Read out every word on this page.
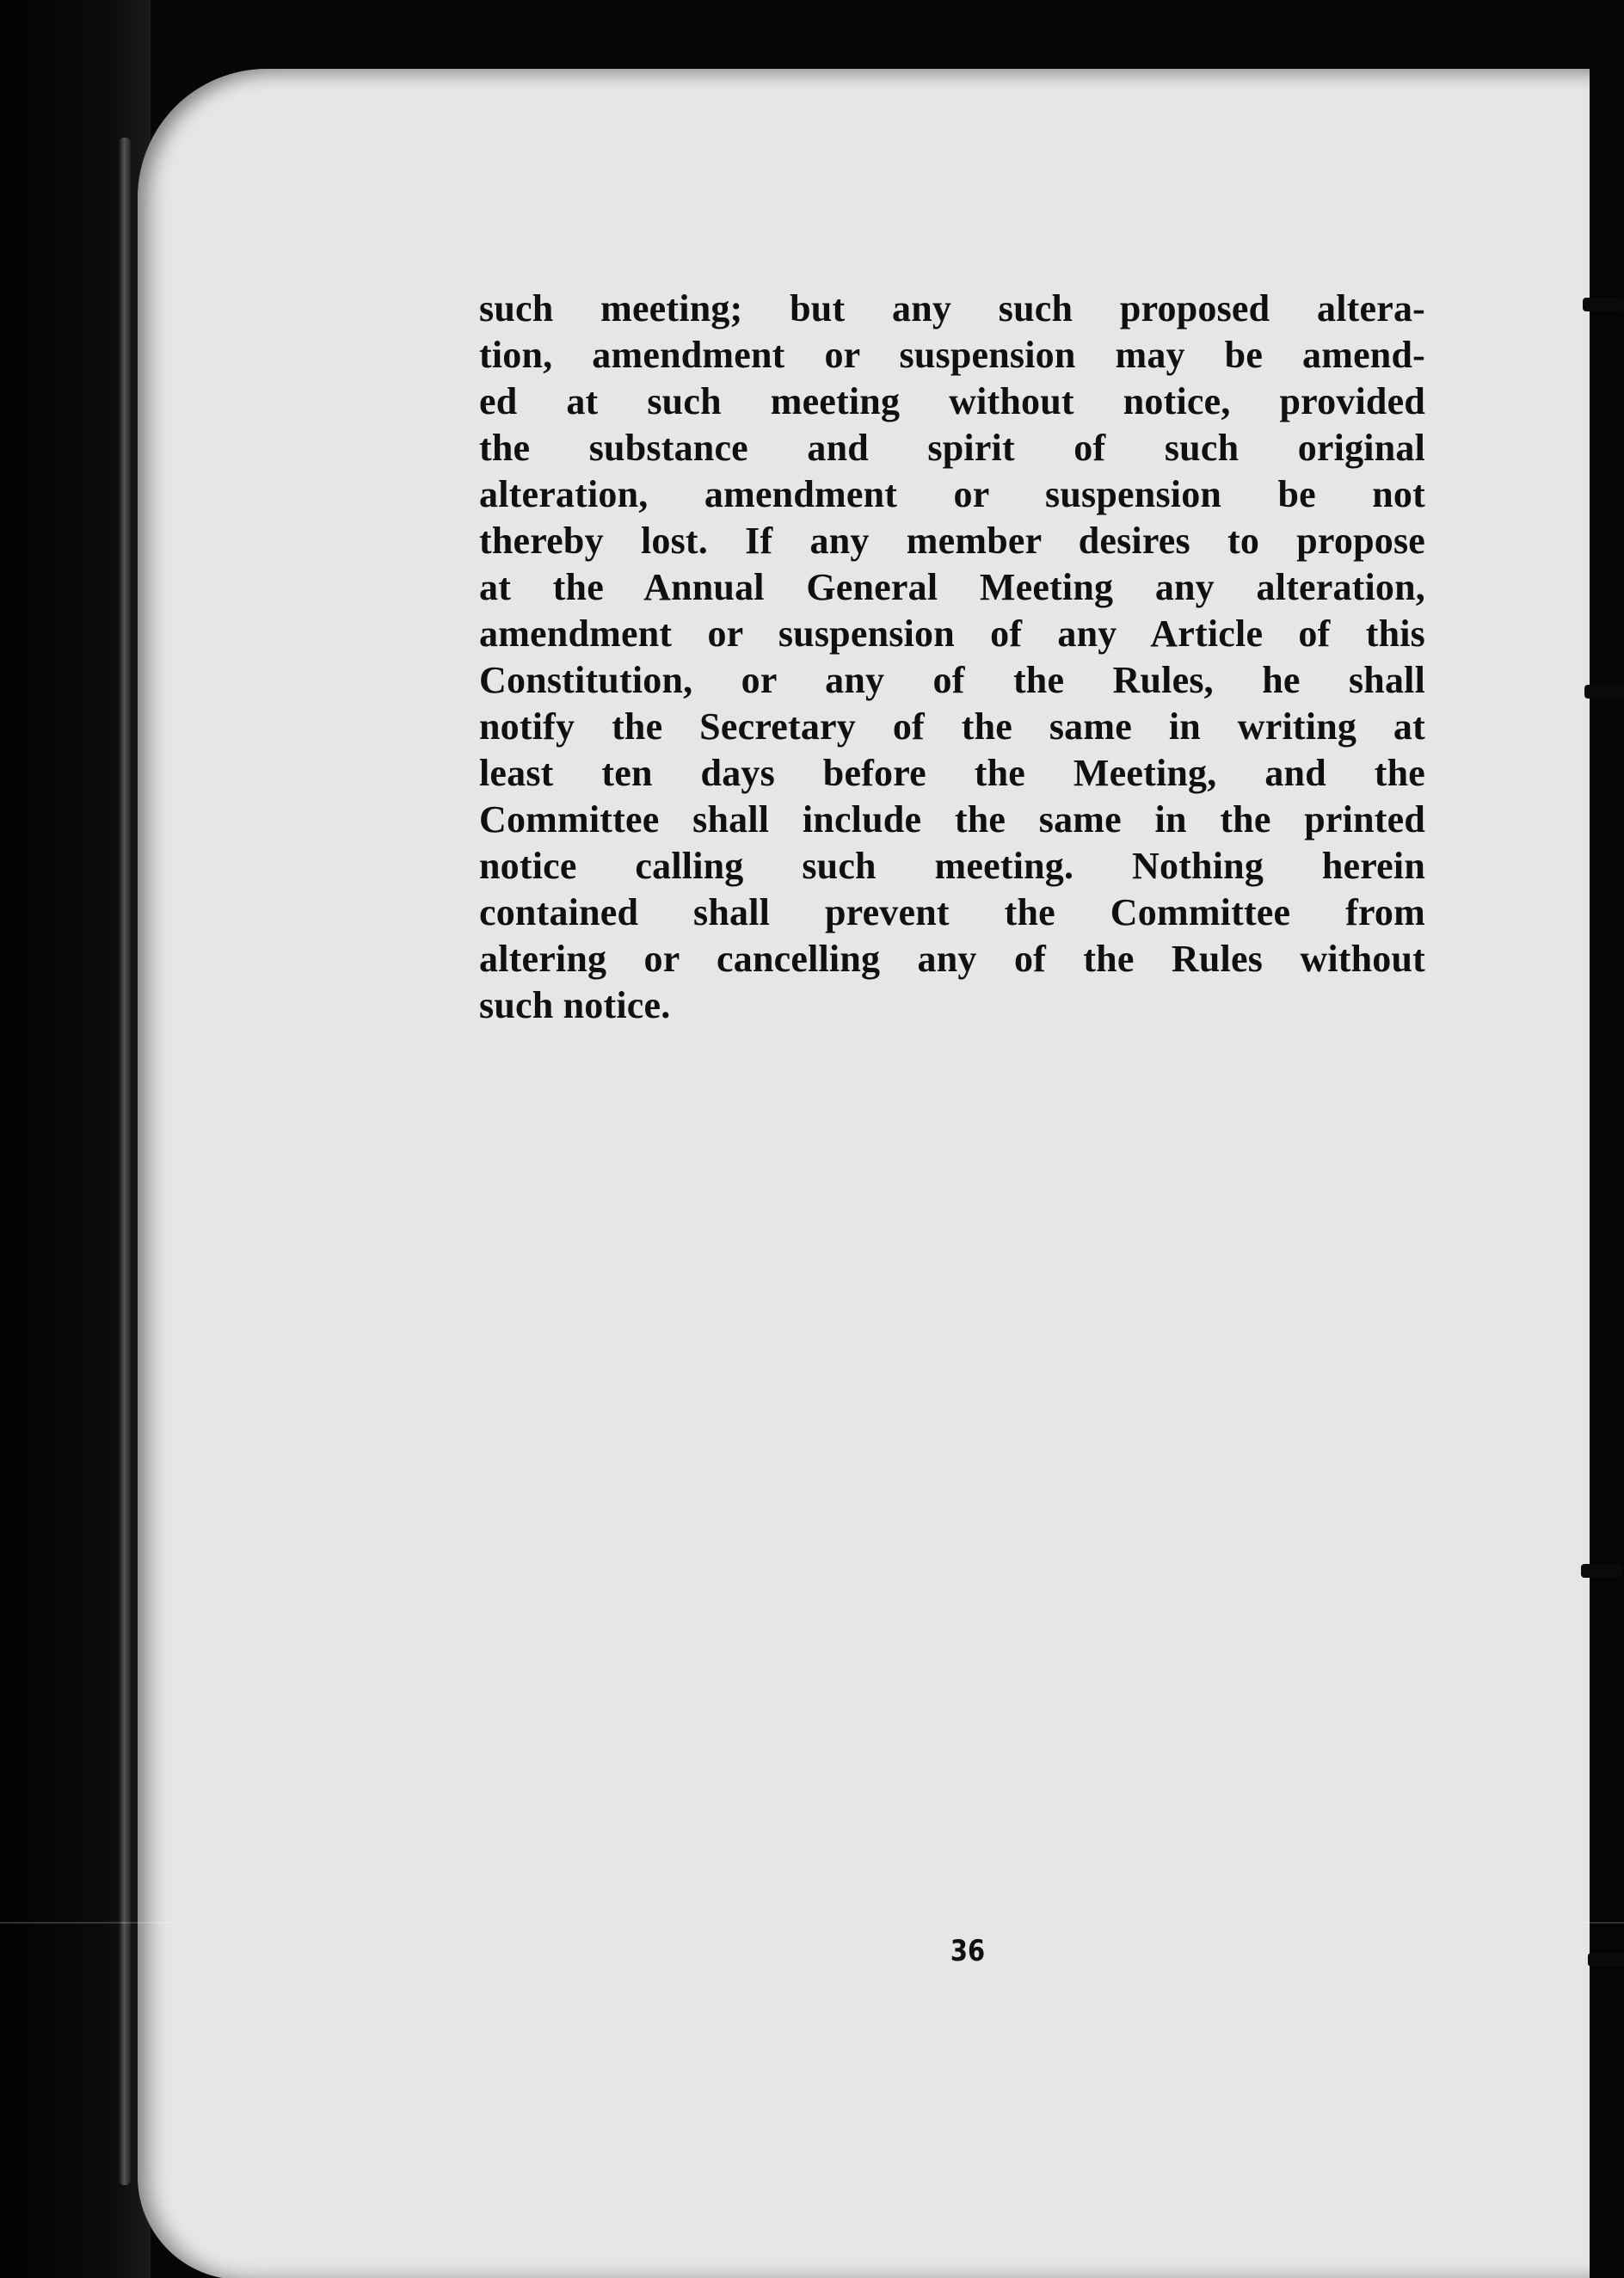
such meeting; but any such proposed altera-
tion, amendment or suspension may be amend-
ed at such meeting without notice, provided
the substance and spirit of such original
alteration, amendment or suspension be not
thereby lost. If any member desires to propose
at the Annual General Meeting any alteration,
amendment or suspension of any Article of this
Constitution, or any of the Rules, he shall
notify the Secretary of the same in writing at
least ten days before the Meeting, and the
Committee shall include the same in the printed
notice calling such meeting. Nothing herein
contained shall prevent the Committee from
altering or cancelling any of the Rules without
such notice.
36
